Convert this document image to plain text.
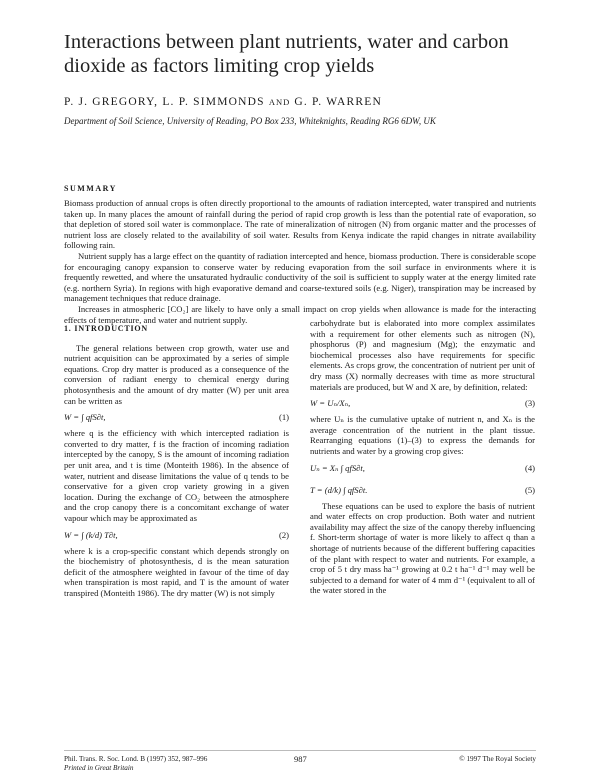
Interactions between plant nutrients, water and carbon dioxide as factors limiting crop yields
P. J. GREGORY, L. P. SIMMONDS AND G. P. WARREN
Department of Soil Science, University of Reading, PO Box 233, Whiteknights, Reading RG6 6DW, UK
SUMMARY

Biomass production of annual crops is often directly proportional to the amounts of radiation intercepted, water transpired and nutrients taken up. In many places the amount of rainfall during the period of rapid crop growth is less than the potential rate of evaporation, so that depletion of stored soil water is commonplace. The rate of mineralization of nitrogen (N) from organic matter and the processes of nutrient loss are closely related to the availability of soil water. Results from Kenya indicate the rapid changes in nitrate availability following rain.

Nutrient supply has a large effect on the quantity of radiation intercepted and hence, biomass production. There is considerable scope for encouraging canopy expansion to conserve water by reducing evaporation from the soil surface in environments where it is frequently rewetted, and where the unsaturated hydraulic conductivity of the soil is sufficient to supply water at the energy limited rate (e.g. northern Syria). In regions with high evaporative demand and coarse-textured soils (e.g. Niger), transpiration may be increased by management techniques that reduce drainage.

Increases in atmospheric [CO₂] are likely to have only a small impact on crop yields when allowance is made for the interacting effects of temperature, and water and nutrient supply.

1. INTRODUCTION

The general relations between crop growth, water use and nutrient acquisition can be approximated by a series of simple equations. Crop dry matter is produced as a consequence of the conversion of radiant energy to chemical energy during photosynthesis and the amount of dry matter (W) per unit area can be written as

W = ∫ qfS∂t,	(1)

where q is the efficiency with which intercepted radiation is converted to dry matter, f is the fraction of incoming radiation intercepted by the canopy, S is the amount of incoming radiation per unit area, and t is time (Monteith 1986). In the absence of water, nutrient and disease limitations the value of q tends to be conservative for a given crop variety growing in a given location. During the exchange of CO₂ between the atmosphere and the crop canopy there is a concomitant exchange of water vapour which may be approximated as

W = ∫ (k/d) T∂t,	(2)

where k is a crop-specific constant which depends strongly on the biochemistry of photosynthesis, d is the mean saturation deficit of the atmosphere weighted in favour of the time of day when transpiration is most rapid, and T is the amount of water transpired (Monteith 1986). The dry matter (W) is not simply

carbohydrate but is elaborated into more complex assimilates with a requirement for other elements such as nitrogen (N), phosphorus (P) and magnesium (Mg); the enzymatic and biochemical processes also have requirements for specific elements. As crops grow, the concentration of nutrient per unit of dry mass (X) normally decreases with time as more structural materials are produced, but W and X are, by definition, related:

W = Uₙ/Xₙ,	(3)

where Uₙ is the cumulative uptake of nutrient n, and Xₙ is the average concentration of the nutrient in the plant tissue. Rearranging equations (1)–(3) to express the demands for nutrients and water by a growing crop gives:

Uₙ = Xₙ ∫ qfS∂t,	(4)
T = (d/k) ∫ qfS∂t.	(5)

These equations can be used to explore the basis of nutrient and water effects on crop production. Both water and nutrient availability may affect the size of the canopy thereby influencing f. Short-term shortage of water is more likely to affect q than a shortage of nutrients because of the different buffering capacities of the plant with respect to water and nutrients. For example, a crop of 5 t dry mass ha⁻¹ growing at 0.2 t ha⁻¹ d⁻¹ may well be subjected to a demand for water of 4 mm d⁻¹ (equivalent to all of the water stored in the

Phil. Trans. R. Soc. Lond. B (1997) 352, 987–996
Printed in Great Britain
987	© 1997 The Royal Society
